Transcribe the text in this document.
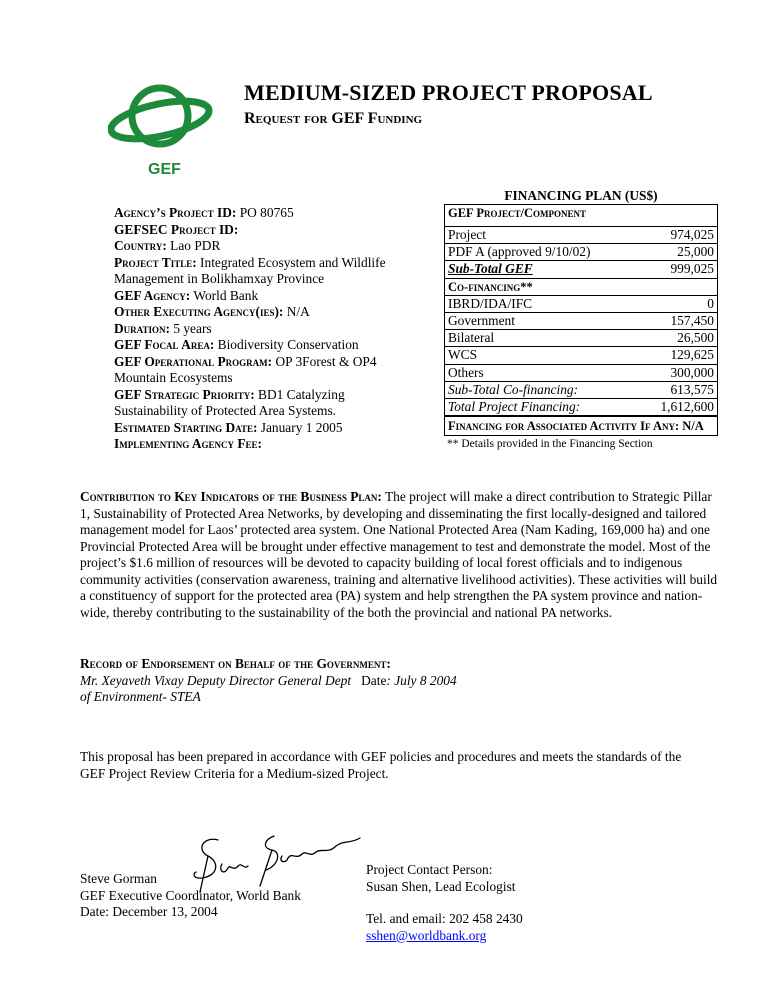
GEF
MEDIUM-SIZED PROJECT PROPOSAL
Request for GEF Funding
Agency’s Project ID: PO 80765
GEFSEC Project ID:
Country: Lao PDR
Project Title: Integrated Ecosystem and Wildlife Management in Bolikhamxay Province
GEF Agency: World Bank
Other Executing Agency(ies): N/A
Duration: 5 years
GEF Focal Area: Biodiversity Conservation
GEF Operational Program: OP 3Forest & OP4 Mountain Ecosystems
GEF Strategic Priority: BD1 Catalyzing Sustainability of Protected Area Systems.
Estimated Starting Date: January 1 2005
Implementing Agency Fee:
FINANCING PLAN (US$)
GEF Project/Component
Project	974,025
PDF A (approved 9/10/02)	25,000
Sub-Total GEF	999,025
Co-financing**
IBRD/IDA/IFC	0
Government	157,450
Bilateral	26,500
WCS	129,625
Others	300,000
Sub-Total Co-financing:	613,575
Total Project Financing:	1,612,600
Financing for Associated Activity If Any: N/A
** Details provided in the Financing Section
Contribution to Key Indicators of the Business Plan: The project will make a direct contribution to Strategic Pillar 1, Sustainability of Protected Area Networks, by developing and disseminating the first locally-designed and tailored management model for Laos’ protected area system. One National Protected Area (Nam Kading, 169,000 ha) and one Provincial Protected Area will be brought under effective management to test and demonstrate the model. Most of the project’s $1.6 million of resources will be devoted to capacity building of local forest officials and to indigenous community activities (conservation awareness, training and alternative livelihood activities). These activities will build a constituency of support for the protected area (PA) system and help strengthen the PA system province and nation-wide, thereby contributing to the sustainability of the both the provincial and national PA networks.
Record of Endorsement on Behalf of the Government:
Mr. Xeyaveth Vixay Deputy Director General Dept Date: July 8 2004
of Environment- STEA
This proposal has been prepared in accordance with GEF policies and procedures and meets the standards of the GEF Project Review Criteria for a Medium-sized Project.
Steve Gorman
GEF Executive Coordinator, World Bank
Date: December 13, 2004
Project Contact Person:
Susan Shen, Lead Ecologist
Tel. and email: 202 458 2430
sshen@worldbank.org
